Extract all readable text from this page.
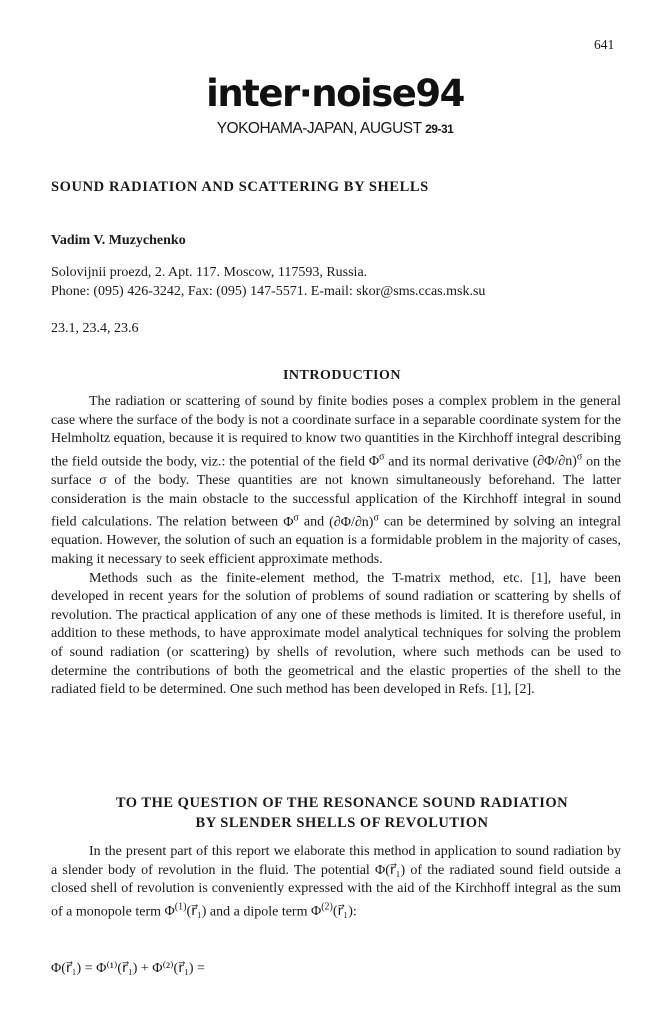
641
inter·noise94
YOKOHAMA-JAPAN, AUGUST 29-31
SOUND RADIATION AND SCATTERING BY SHELLS
Vadim V. Muzychenko
Solovijnii proezd, 2. Apt. 117. Moscow, 117593, Russia.
Phone: (095) 426-3242, Fax: (095) 147-5571. E-mail: skor@sms.ccas.msk.su
23.1, 23.4, 23.6
INTRODUCTION

The radiation or scattering of sound by finite bodies poses a complex problem in the general case where the surface of the body is not a coordinate surface in a separable coordinate system for the Helmholtz equation, because it is required to know two quantities in the Kirchhoff integral describing the field outside the body, viz.: the potential of the field $\Phi^\sigma$ and its normal derivative $(\partial\Phi/\partial n)^\sigma$ on the surface σ of the body. These quantities are not known simultaneously beforehand. The latter consideration is the main obstacle to the successful application of the Kirchhoff integral in sound field calculations. The relation between $\Phi^\sigma$ and $(\partial\Phi/\partial n)^\sigma$ can be determined by solving an integral equation. However, the solution of such an equation is a formidable problem in the majority of cases, making it necessary to seek efficient approximate methods.

Methods such as the finite-element method, the T-matrix method, etc. [1], have been developed in recent years for the solution of problems of sound radiation or scattering by shells of revolution. The practical application of any one of these methods is limited. It is therefore useful, in addition to these methods, to have approximate model analytical techniques for solving the problem of sound radiation (or scattering) by shells of revolution, where such methods can be used to determine the contributions of both the geometrical and the elastic properties of the shell to the radiated field to be determined. One such method has been developed in Refs. [1], [2].

TO THE QUESTION OF THE RESONANCE SOUND RADIATION
BY SLENDER SHELLS OF REVOLUTION

In the present part of this report we elaborate this method in application to sound radiation by a slender body of revolution in the fluid. The potential Φ(r⃗₁) of the radiated sound field outside a closed shell of revolution is conveniently expressed with the aid of the Kirchhoff integral as the sum of a monopole term $\Phi^{(1)}(r⃗_1)$ and a dipole term $\Phi^{(2)}(r⃗_1)$:

Φ(r⃗₁) = Φ⁽¹⁾(r⃗₁) + Φ⁽²⁾(r⃗₁) =
